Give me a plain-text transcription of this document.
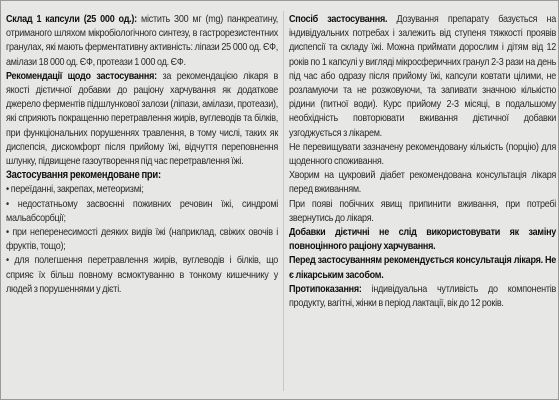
Склад 1 капсули (25 000 од.): містить 300 мг (mg) панкреатину, отриманого шляхом мікробіологічного синтезу, в гастрорезистентних гранулах, які мають ферментативну активність: ліпази 25 000 од. ЄФ, амілази 18 000 од. ЄФ, протеази 1 000 од. ЄФ.
Рекомендації щодо застосування: за рекомендацією лікаря в якості дієтичної добавки до раціону харчування як додаткове джерело ферментів підшлункової залози (ліпази, амілази, протеази), які сприяють покращенню перетравлення жирів, вуглеводів та білків, при функціональних порушеннях травлення, в тому числі, таких як диспепсія, дискомфорт після прийому їжі, відчуття переповнення шлунку, підвищене газоутворення під час перетравлення їжі.
Застосування рекомендоване при:
• переїданні, закрепах, метеоризмі;
• недостатньому засвоєнні поживних речовин їжі, синдромі мальабсорбції;
• при неперенесимості деяких видів їжі (наприклад, свіжих овочів і фруктів, тощо);
• для полегшення перетравлення жирів, вуглеводів і білків, що сприяє їх більш повному всмоктуванню в тонкому кишечнику у людей з порушеннями у дієті.
Спосіб застосування. Дозування препарату базується на індивідуальних потребах і залежить від ступеня тяжкості проявів диспепсії та складу їжі. Можна приймати дорослим і дітям від 12 років по 1 капсулі у вигляді мікросферичних гранул 2-3 рази на день під час або одразу після прийому їжі, капсули ковтати цілими, не розламуючи та не розжовуючи, та запивати значною кількістю рідини (питної води). Курс прийому 2-3 місяці, в подальшому необхідність повторювати вживання дієтичної добавки узгоджується з лікарем.
Не перевищувати зазначену рекомендовану кількість (порцію) для щоденного споживання.
Хворим на цукровий діабет рекомендована консультація лікаря перед вживанням.
При появі побічних явищ припинити вживання, при потребі звернутись до лікаря.
Добавки дієтичні не слід використовувати як заміну повноцінного раціону харчування.
Перед застосуванням рекомендується консультація лікаря. Не є лікарським засобом.
Протипоказання: індивідуальна чутливість до компонентів продукту, вагітні, жінки в період лактації, вік до 12 років.
